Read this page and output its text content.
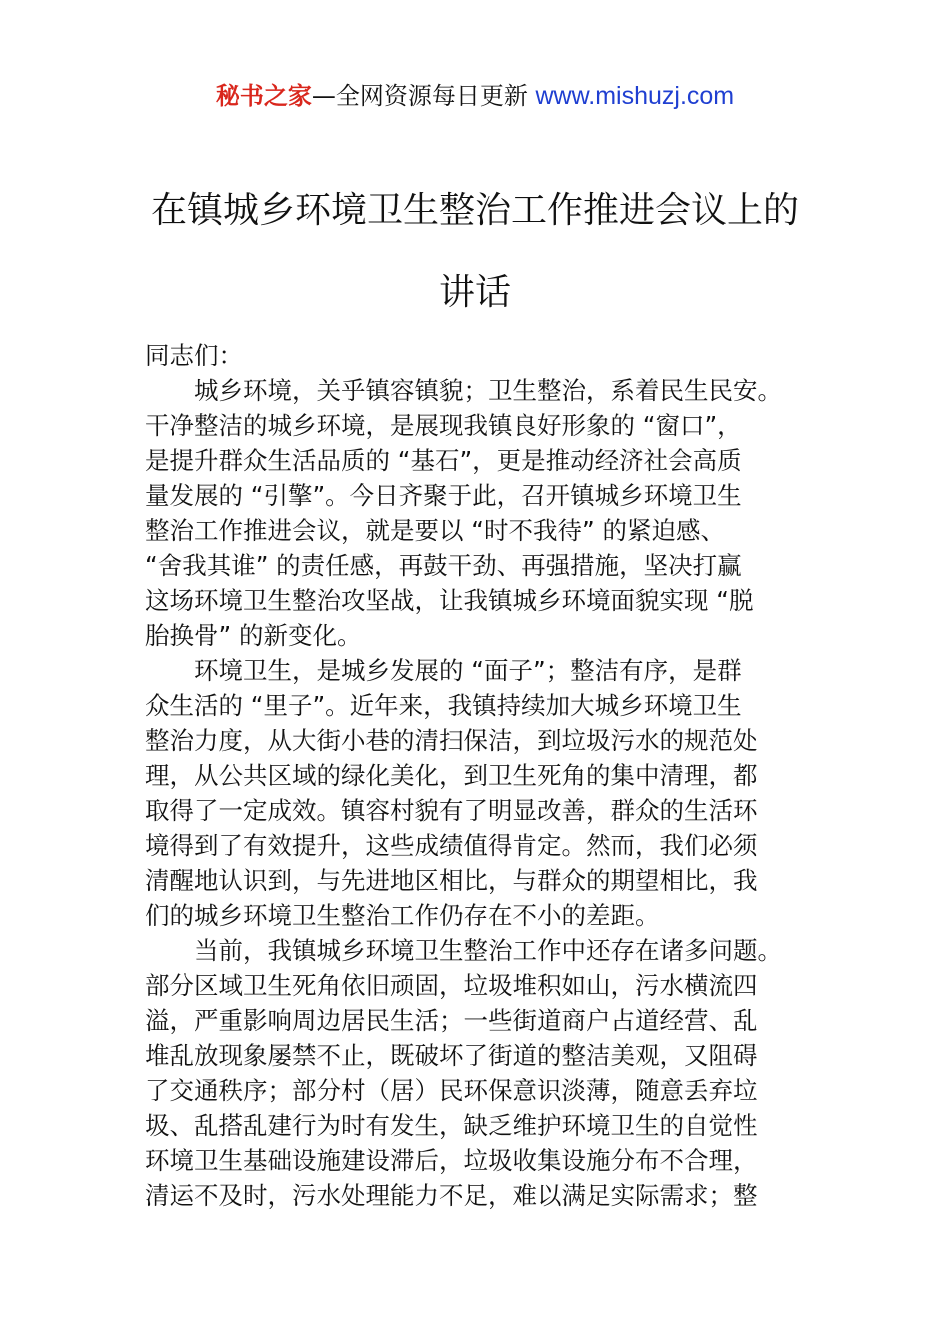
秘书之家—全网资源每日更新 www.mishuzj.com
在镇城乡环境卫生整治工作推进会议上的
讲话
同志们：
城乡环境，关乎镇容镇貌；卫生整治，系着民生民安。
干净整洁的城乡环境，是展现我镇良好形象的 “窗口”，
是提升群众生活品质的 “基石”，更是推动经济社会高质
量发展的 “引擎”。今日齐聚于此，召开镇城乡环境卫生
整治工作推进会议，就是要以 “时不我待” 的紧迫感、
“舍我其谁” 的责任感，再鼓干劲、再强措施，坚决打赢
这场环境卫生整治攻坚战，让我镇城乡环境面貌实现 “脱
胎换骨” 的新变化。
环境卫生，是城乡发展的 “面子”；整洁有序，是群
众生活的 “里子”。近年来，我镇持续加大城乡环境卫生
整治力度，从大街小巷的清扫保洁，到垃圾污水的规范处
理，从公共区域的绿化美化，到卫生死角的集中清理，都
取得了一定成效。镇容村貌有了明显改善，群众的生活环
境得到了有效提升，这些成绩值得肯定。然而，我们必须
清醒地认识到，与先进地区相比，与群众的期望相比，我
们的城乡环境卫生整治工作仍存在不小的差距。
当前，我镇城乡环境卫生整治工作中还存在诸多问题。
部分区域卫生死角依旧顽固，垃圾堆积如山，污水横流四
溢，严重影响周边居民生活；一些街道商户占道经营、乱
堆乱放现象屡禁不止，既破坏了街道的整洁美观，又阻碍
了交通秩序；部分村（居）民环保意识淡薄，随意丢弃垃
圾、乱搭乱建行为时有发生，缺乏维护环境卫生的自觉性
环境卫生基础设施建设滞后，垃圾收集设施分布不合理，
清运不及时，污水处理能力不足，难以满足实际需求；整
